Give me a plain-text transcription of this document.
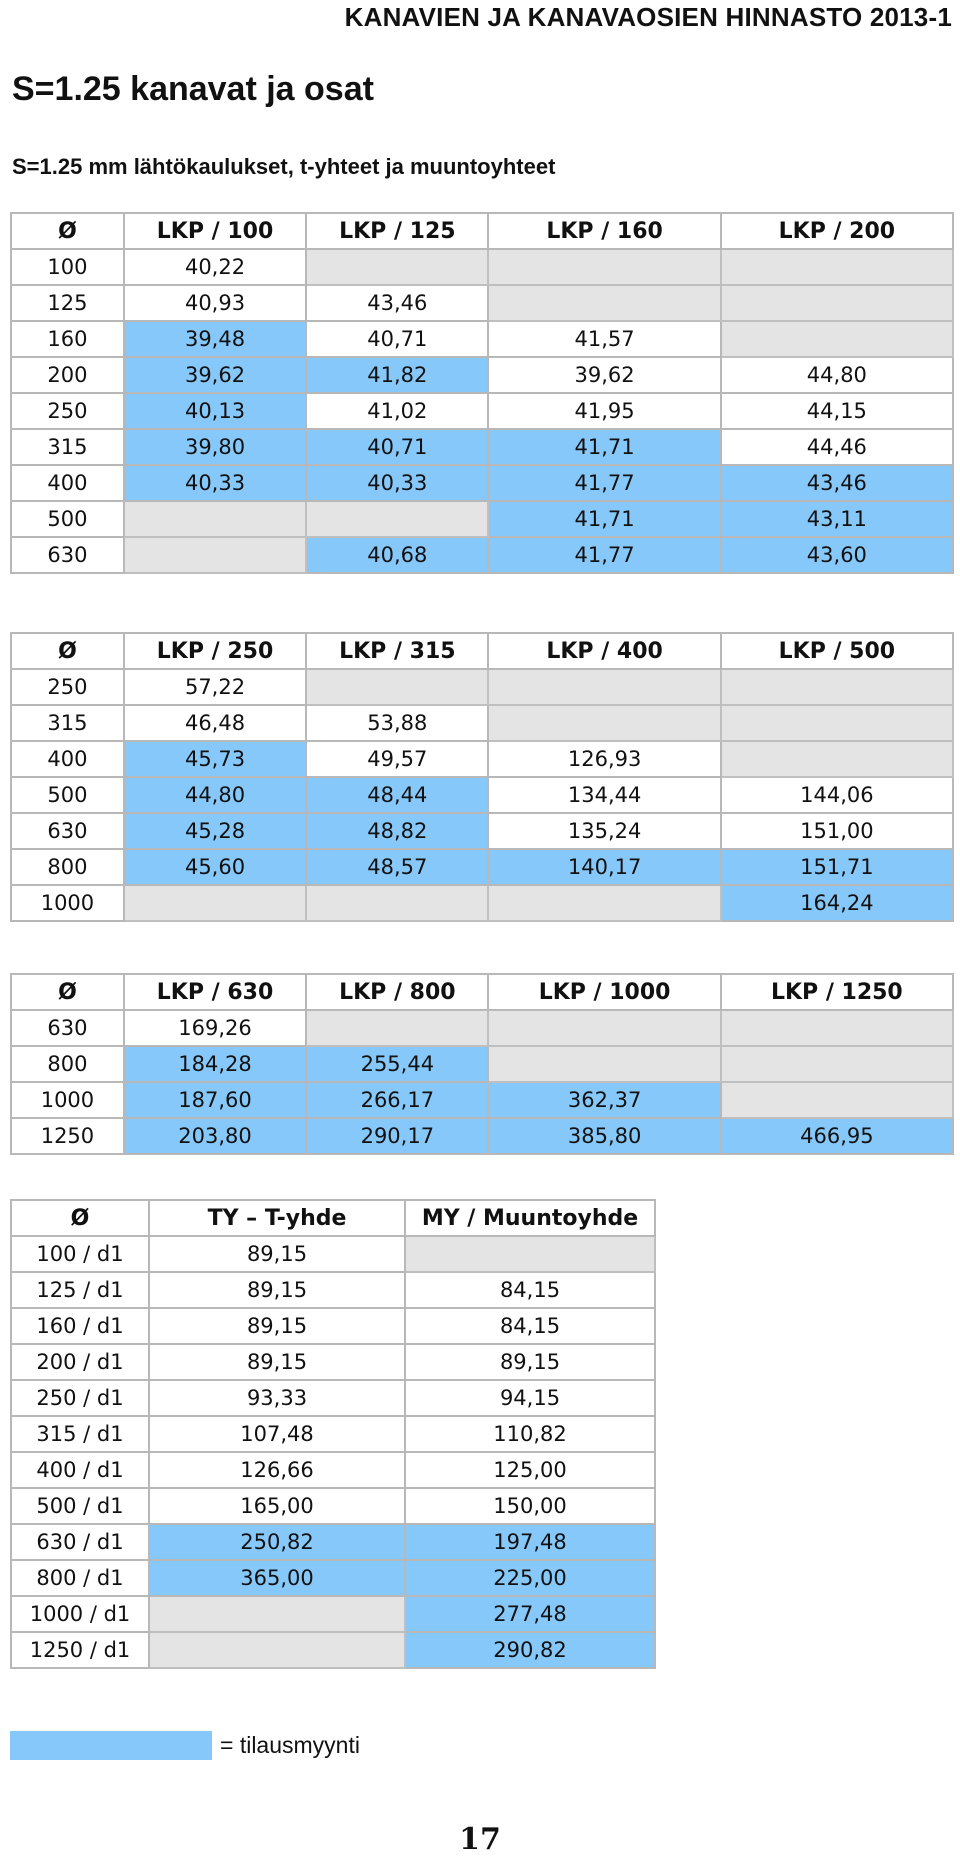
KANAVIEN JA KANAVAOSIEN HINNASTO 2013-1
S=1.25 kanavat ja osat
S=1.25 mm lähtökaulukset, t-yhteet ja muuntoyhteet
Ø	LKP / 100	LKP / 125	LKP / 160	LKP / 200
100	40,22			
125	40,93	43,46		
160	39,48	40,71	41,57	
200	39,62	41,82	39,62	44,80
250	40,13	41,02	41,95	44,15
315	39,80	40,71	41,71	44,46
400	40,33	40,33	41,77	43,46
500			41,71	43,11
630		40,68	41,77	43,60
Ø	LKP / 250	LKP / 315	LKP / 400	LKP / 500
250	57,22			
315	46,48	53,88		
400	45,73	49,57	126,93	
500	44,80	48,44	134,44	144,06
630	45,28	48,82	135,24	151,00
800	45,60	48,57	140,17	151,71
1000				164,24
Ø	LKP / 630	LKP / 800	LKP / 1000	LKP / 1250
630	169,26			
800	184,28	255,44		
1000	187,60	266,17	362,37	
1250	203,80	290,17	385,80	466,95
Ø	TY – T-yhde	MY / Muuntoyhde
100 / d1	89,15	
125 / d1	89,15	84,15
160 / d1	89,15	84,15
200 / d1	89,15	89,15
250 / d1	93,33	94,15
315 / d1	107,48	110,82
400 / d1	126,66	125,00
500 / d1	165,00	150,00
630 / d1	250,82	197,48
800 / d1	365,00	225,00
1000 / d1		277,48
1250 / d1		290,82
= tilausmyynti
17
